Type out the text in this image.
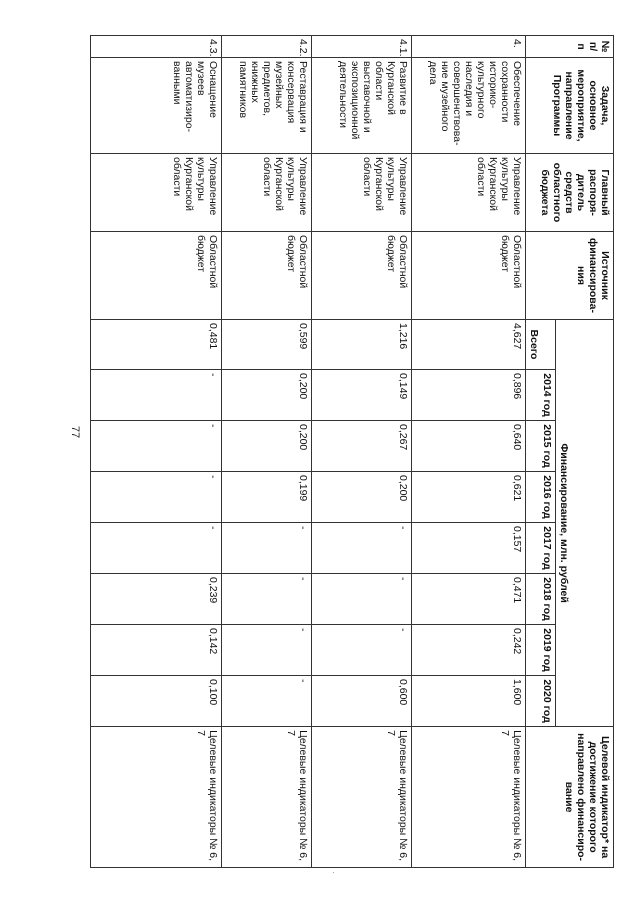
77
№ п/п	Задача, основное мероприятие, направление Программы	Главный распоря-дитель средств областного бюджета	Источник финансирова-ния	Финансирование, млн. рублей								Целевой индикатор* на достижение которого направлено финансиро-вание
				Всего	2014 год	2015 год	2016 год	2017 год	2018 год	2019 год	2020 год	
4.	Обеспечение сохранности историко-культурного наследия и совершенствова-ние музейного дела	Управление культуры Курганской области	Областной бюджет	4,627	0,896	0,640	0,621	0,157	0,471	0,242	1,600	Целевые индикаторы № 6, 7
4.1.	Развитие в Курганской области выставочной и экспозиционной деятельности	Управление культуры Курганской области	Областной бюджет	1,216	0,149	0,267	0,200	-	-	-	0,600	Целевые индикаторы № 6, 7
4.2.	Реставрация и консервация музейных предметов, книжных памятников	Управление культуры Курганской области	Областной бюджет	0,599	0,200	0,200	0,199	-	-	-	-	Целевые индикаторы № 6, 7
4.3.	Оснащение музеев автоматизиро-ванными	Управление культуры Курганской области	Областной бюджет	0,481	-	-	-	-	0,239	0,142	0,100	Целевые индикаторы № 6, 7
·
